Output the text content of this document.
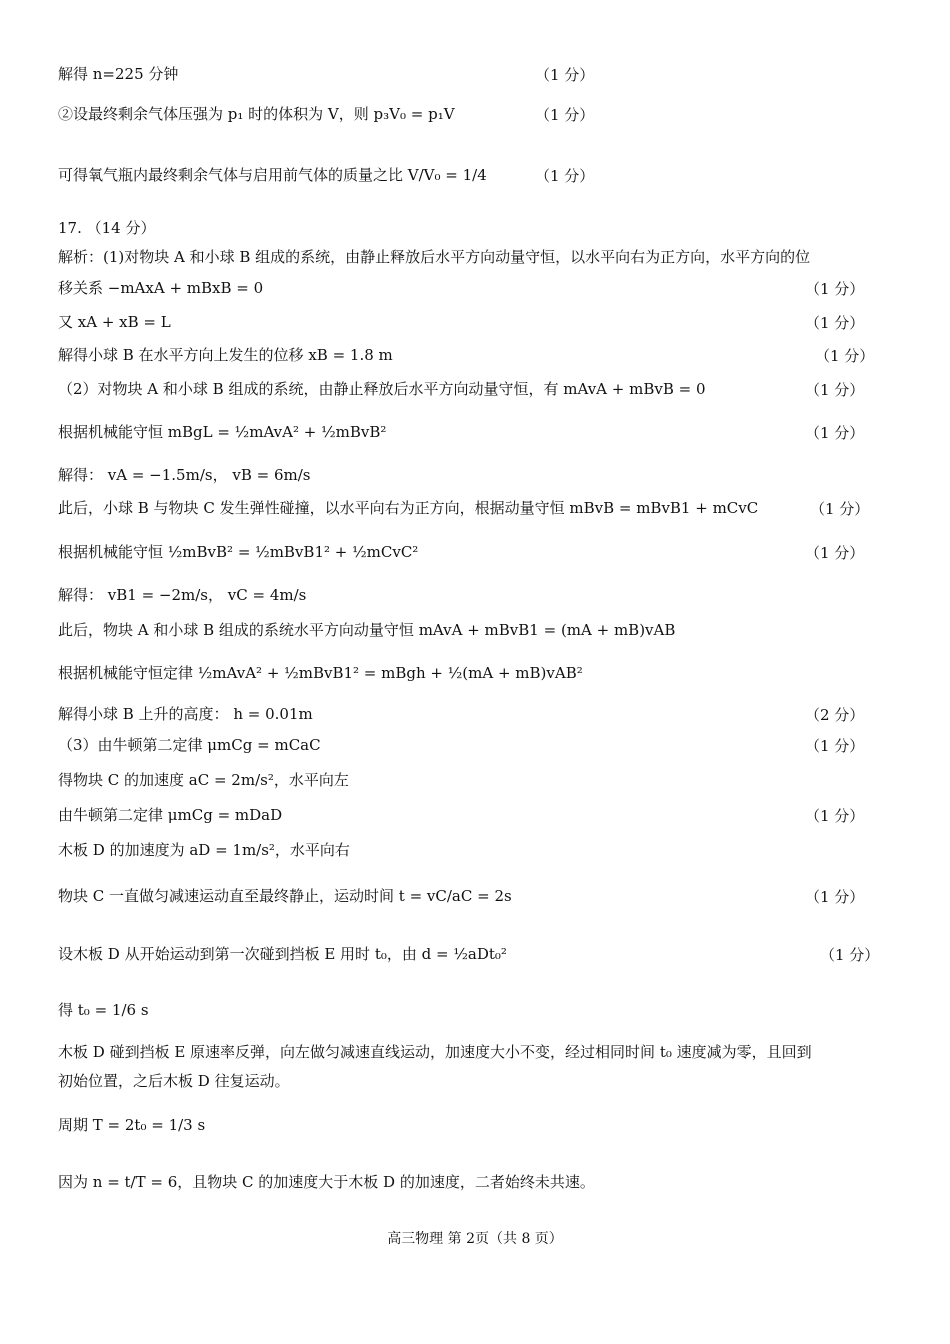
解得 n=225 分钟	（1 分）
②设最终剩余气体压强为 p₁ 时的体积为 V，则 p₃V₀ = p₁V	（1 分）
可得氧气瓶内最终剩余气体与启用前气体的质量之比 V/V₀ = 1/4	（1 分）
17. （14 分）
解析：(1)对物块 A 和小球 B 组成的系统，由静止释放后水平方向动量守恒，以水平向右为正方向，水平方向的位
移关系 −mAxA + mBxB = 0	（1 分）
又 xA + xB = L	（1 分）
解得小球 B 在水平方向上发生的位移 xB = 1.8 m	（1 分）
（2）对物块 A 和小球 B 组成的系统，由静止释放后水平方向动量守恒，有 mAvA + mBvB = 0	（1 分）
根据机械能守恒 mBgL = ½mAvA² + ½mBvB²	（1 分）
解得： vA = −1.5m/s， vB = 6m/s
此后，小球 B 与物块 C 发生弹性碰撞，以水平向右为正方向，根据动量守恒 mBvB = mBvB1 + mCvC	（1 分）
根据机械能守恒 ½mBvB² = ½mBvB1² + ½mCvC²	（1 分）
解得： vB1 = −2m/s， vC = 4m/s
此后，物块 A 和小球 B 组成的系统水平方向动量守恒 mAvA + mBvB1 = (mA + mB)vAB
根据机械能守恒定律 ½mAvA² + ½mBvB1² = mBgh + ½(mA + mB)vAB²
解得小球 B 上升的高度： h = 0.01m	（2 分）
（3）由牛顿第二定律 μmCg = mCaC	（1 分）
得物块 C 的加速度 aC = 2m/s²，水平向左
由牛顿第二定律 μmCg = mDaD	（1 分）
木板 D 的加速度为 aD = 1m/s²，水平向右
物块 C 一直做匀减速运动直至最终静止，运动时间 t = vC/aC = 2s	（1 分）
设木板 D 从开始运动到第一次碰到挡板 E 用时 t₀，由 d = ½aDt₀²	（1 分）
得 t₀ = 1/6 s
木板 D 碰到挡板 E 原速率反弹，向左做匀减速直线运动，加速度大小不变，经过相同时间 t₀ 速度减为零，且回到
初始位置，之后木板 D 往复运动。
周期 T = 2t₀ = 1/3 s
因为 n = t/T = 6，且物块 C 的加速度大于木板 D 的加速度，二者始终未共速。
高三物理 第 2页（共 8 页）
